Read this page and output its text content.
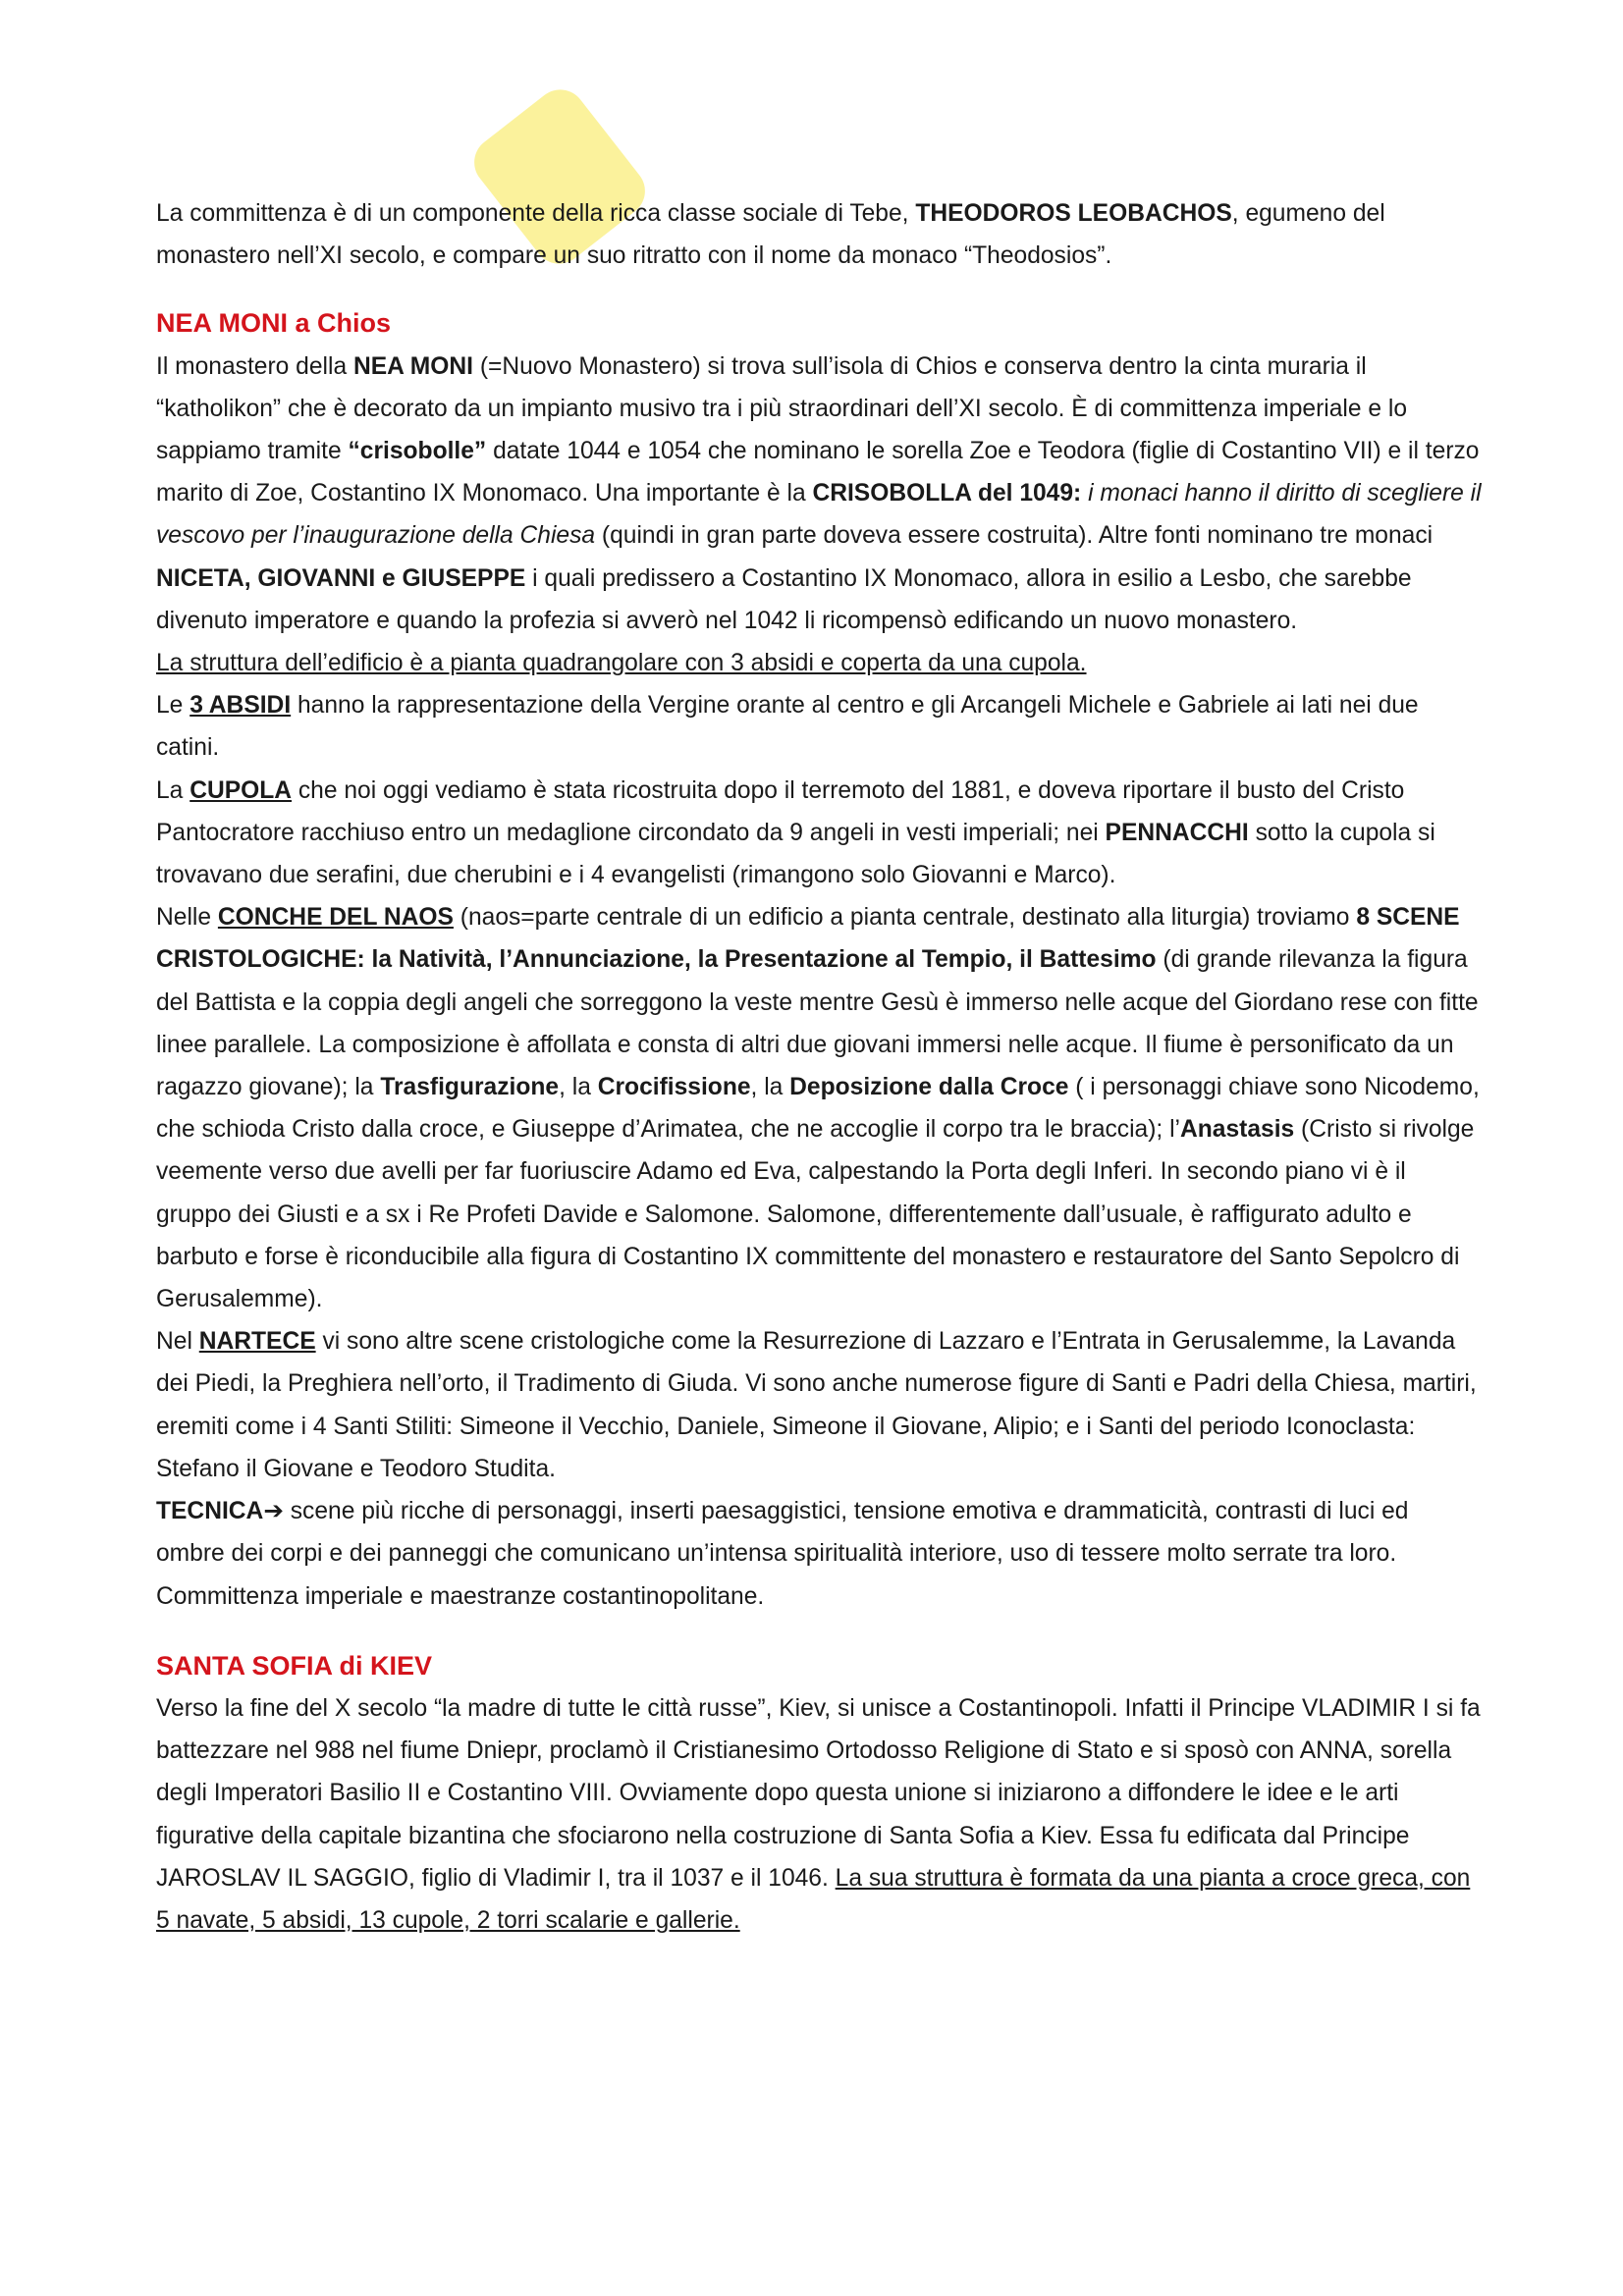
La committenza è di un componente della ricca classe sociale di Tebe, THEODOROS LEOBACHOS, egumeno del monastero nell’XI secolo, e compare un suo ritratto con il nome da monaco “Theodosios”.

NEA MONI a Chios

Il monastero della NEA MONI (=Nuovo Monastero) si trova sull’isola di Chios e conserva dentro la cinta muraria il “katholikon” che è decorato da un impianto musivo tra i più straordinari dell’XI secolo. È di committenza imperiale e lo sappiamo tramite “crisobolle” datate 1044 e 1054 che nominano le sorella Zoe e Teodora (figlie di Costantino VII) e il terzo marito di Zoe, Costantino IX Monomaco. Una importante è la CRISOBOLLA del 1049: i monaci hanno il diritto di scegliere il vescovo per l’inaugurazione della Chiesa (quindi in gran parte doveva essere costruita). Altre fonti nominano tre monaci NICETA, GIOVANNI e GIUSEPPE i quali predissero a Costantino IX Monomaco, allora in esilio a Lesbo, che sarebbe divenuto imperatore e quando la profezia si avverò nel 1042 li ricompensò edificando un nuovo monastero.

La struttura dell’edificio è a pianta quadrangolare con 3 absidi e coperta da una cupola.

Le 3 ABSIDI hanno la rappresentazione della Vergine orante al centro e gli Arcangeli Michele e Gabriele ai lati nei due catini.

La CUPOLA che noi oggi vediamo è stata ricostruita dopo il terremoto del 1881, e doveva riportare il busto del Cristo Pantocratore racchiuso entro un medaglione circondato da 9 angeli in vesti imperiali; nei PENNACCHI sotto la cupola si trovavano due serafini, due cherubini e i 4 evangelisti (rimangono solo Giovanni e Marco).

Nelle CONCHE DEL NAOS (naos=parte centrale di un edificio a pianta centrale, destinato alla liturgia) troviamo 8 SCENE CRISTOLOGICHE: la Natività, l’Annunciazione, la Presentazione al Tempio, il Battesimo (di grande rilevanza la figura del Battista e la coppia degli angeli che sorreggono la veste mentre Gesù è immerso nelle acque del Giordano rese con fitte linee parallele. La composizione è affollata e consta di altri due giovani immersi nelle acque. Il fiume è personificato da un ragazzo giovane); la Trasfigurazione, la Crocifissione, la Deposizione dalla Croce ( i personaggi chiave sono Nicodemo, che schioda Cristo dalla croce, e Giuseppe d’Arimatea, che ne accoglie il corpo tra le braccia); l’Anastasis (Cristo si rivolge veemente verso due avelli per far fuoriuscire Adamo ed Eva, calpestando la Porta degli Inferi. In secondo piano vi è il gruppo dei Giusti e a sx i Re Profeti Davide e Salomone. Salomone, differentemente dall’usuale, è raffigurato adulto e barbuto e forse è riconducibile alla figura di Costantino IX committente del monastero e restauratore del Santo Sepolcro di Gerusalemme).

Nel NARTECE vi sono altre scene cristologiche come la Resurrezione di Lazzaro e l’Entrata in Gerusalemme, la Lavanda dei Piedi, la Preghiera nell’orto, il Tradimento di Giuda. Vi sono anche numerose figure di Santi e Padri della Chiesa, martiri, eremiti come i 4 Santi Stiliti: Simeone il Vecchio, Daniele, Simeone il Giovane, Alipio; e i Santi del periodo Iconoclasta: Stefano il Giovane e Teodoro Studita.

TECNICA➔ scene più ricche di personaggi, inserti paesaggistici, tensione emotiva e drammaticità, contrasti di luci ed ombre dei corpi e dei panneggi che comunicano un’intensa spiritualità interiore, uso di tessere molto serrate tra loro. Committenza imperiale e maestranze costantinopolitane.

SANTA SOFIA di KIEV

Verso la fine del X secolo “la madre di tutte le città russe”, Kiev, si unisce a Costantinopoli. Infatti il Principe VLADIMIR I si fa battezzare nel 988 nel fiume Dniepr, proclamò il Cristianesimo Ortodosso Religione di Stato e si sposò con ANNA, sorella degli Imperatori Basilio II e Costantino VIII. Ovviamente dopo questa unione si iniziarono a diffondere le idee e le arti figurative della capitale bizantina che sfociarono nella costruzione di Santa Sofia a Kiev. Essa fu edificata dal Principe JAROSLAV IL SAGGIO, figlio di Vladimir I, tra il 1037 e il 1046. La sua struttura è formata da una pianta a croce greca, con 5 navate, 5 absidi, 13 cupole, 2 torri scalarie e gallerie.
